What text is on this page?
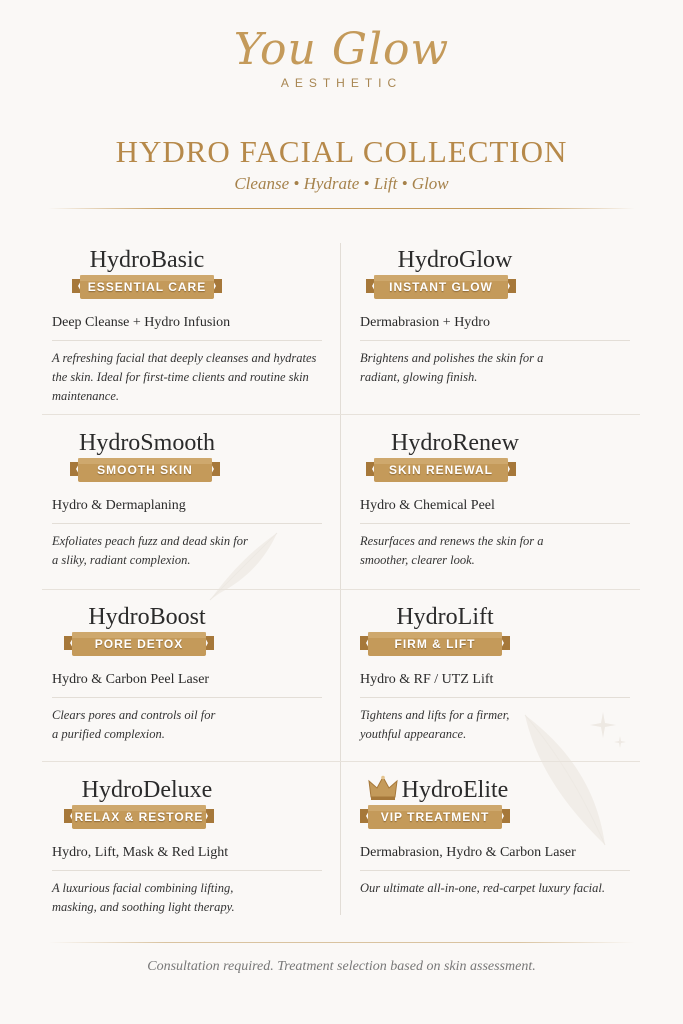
You Glow
AESTHETIC
HYDRO FACIAL COLLECTION
Cleanse • Hydrate • Lift • Glow
HydroBasic
ESSENTIAL CARE
Deep Cleanse + Hydro Infusion
A refreshing facial that deeply cleanses and hydrates the skin. Ideal for first-time clients and routine skin maintenance.
HydroGlow
INSTANT GLOW
Dermabrasion + Hydro
Brightens and polishes the skin for a radiant, glowing finish.
HydroSmooth
SMOOTH SKIN
Hydro & Dermaplaning
Exfoliates peach fuzz and dead skin for a sliky, radiant complexion.
HydroRenew
SKIN RENEWAL
Hydro & Chemical Peel
Resurfaces and renews the skin for a smoother, clearer look.
HydroBoost
PORE DETOX
Hydro & Carbon Peel Laser
Clears pores and controls oil for a purified complexion.
HydroLift
FIRM & LIFT
Hydro & RF / UTZ Lift
Tightens and lifts for a firmer, youthful appearance.
HydroDeluxe
RELAX & RESTORE
Hydro, Lift, Mask & Red Light
A luxurious facial combining lifting, masking, and soothing light therapy.
HydroElite
VIP TREATMENT
Dermabrasion, Hydro & Carbon Laser
Our ultimate all-in-one, red-carpet luxury facial.
Consultation required. Treatment selection based on skin assessment.
